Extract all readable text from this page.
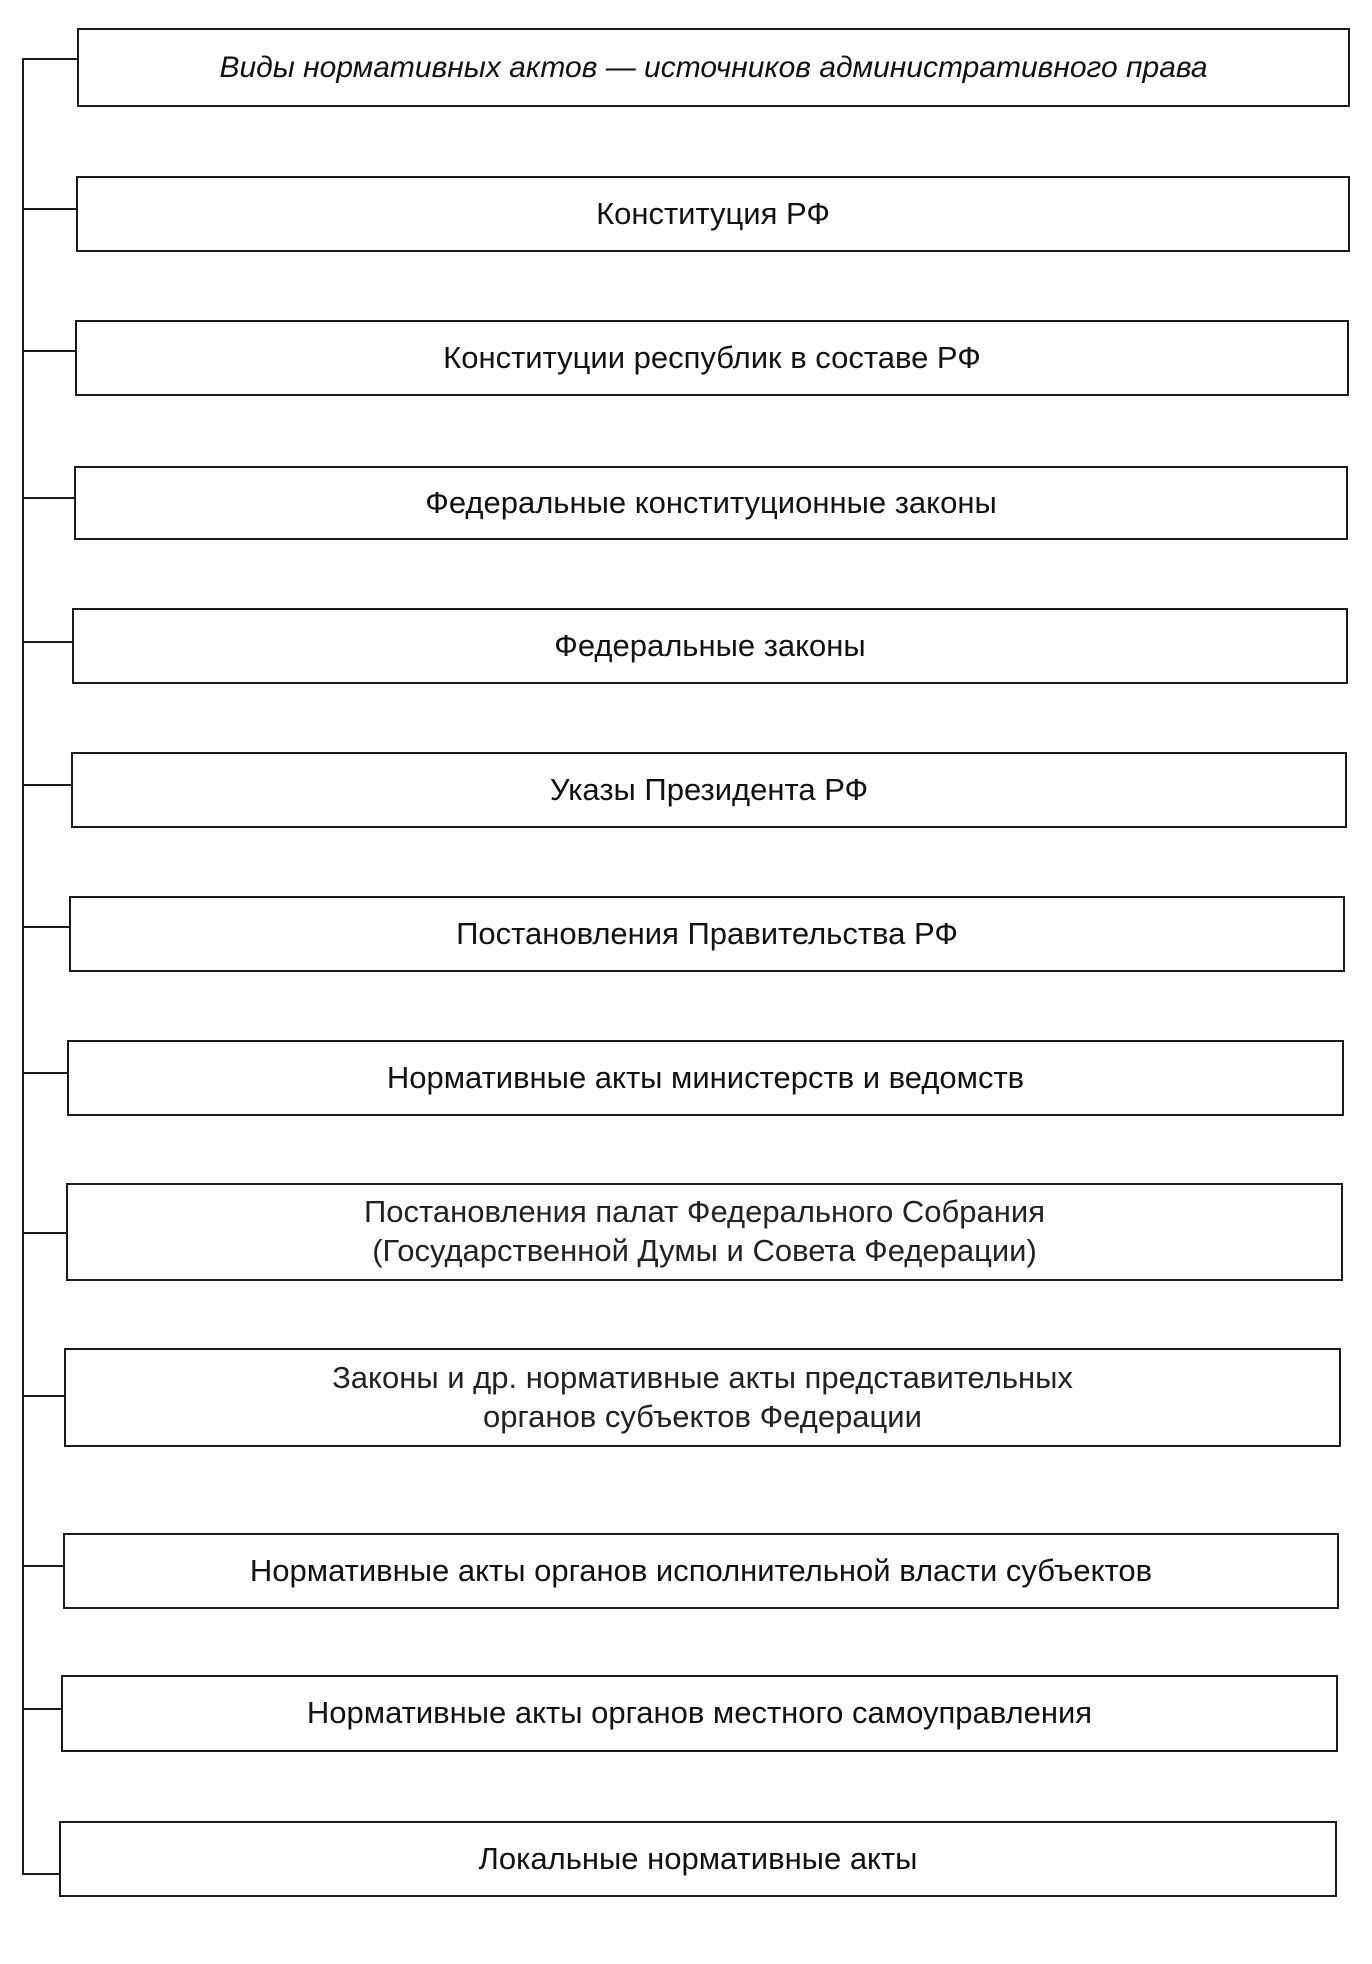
Виды нормативных актов — источников административного права
Конституция РФ
Конституции республик в составе РФ
Федеральные конституционные законы
Федеральные законы
Указы Президента РФ
Постановления Правительства РФ
Нормативные акты министерств и ведомств
Постановления палат Федерального Собрания
(Государственной Думы и Совета Федерации)
Законы и др. нормативные акты представительных
органов субъектов Федерации
Нормативные акты органов исполнительной власти субъектов
Нормативные акты органов местного самоуправления
Локальные нормативные акты
